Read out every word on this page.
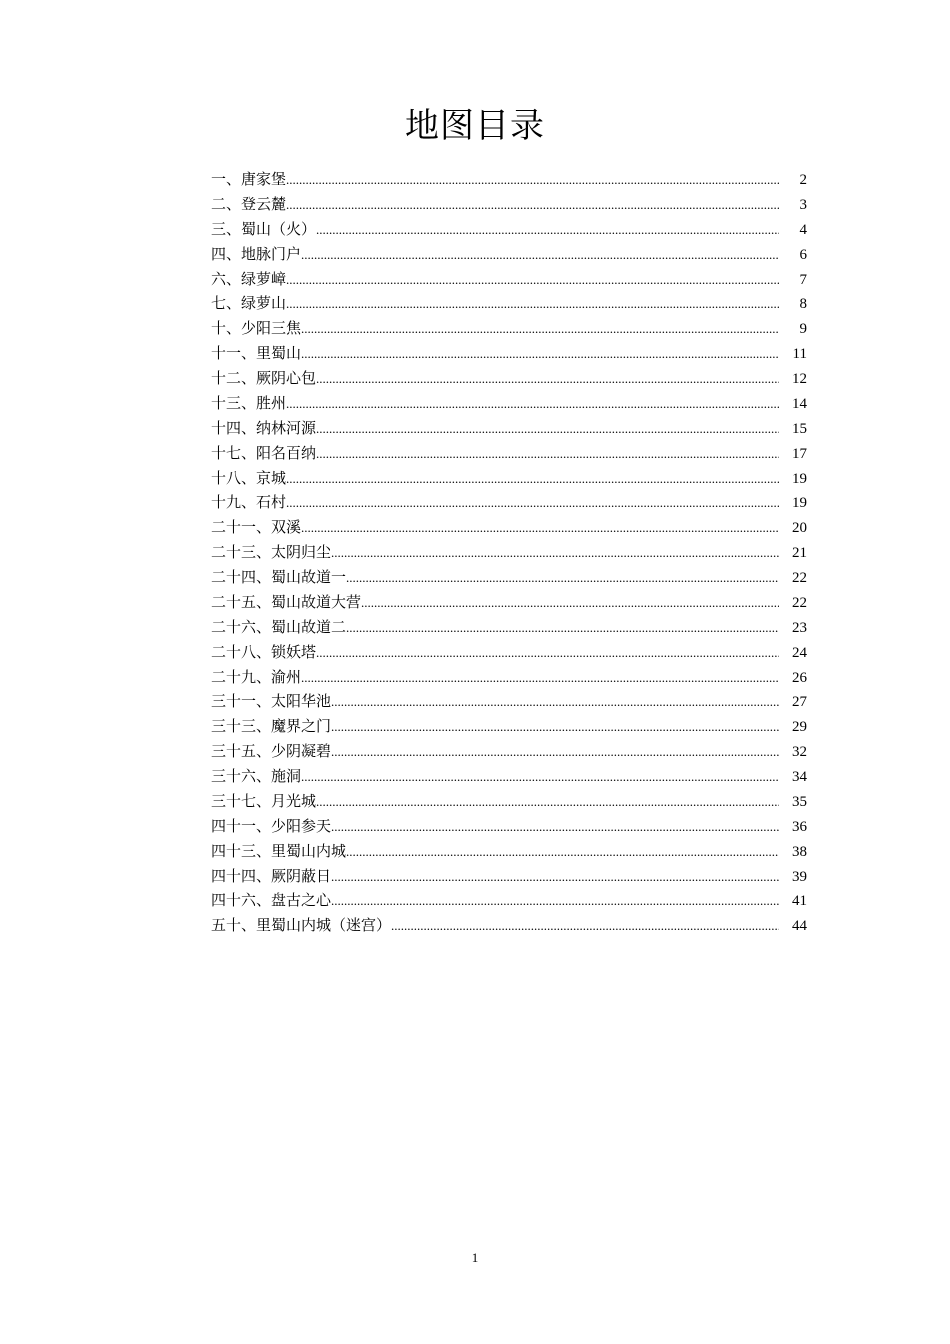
地图目录
一、唐家堡 .....	2
二、登云麓 .....	3
三、蜀山（火） .....	4
四、地脉门户 .....	6
六、绿萝嶂 .....	7
七、绿萝山 .....	8
十、少阳三焦 .....	9
十一、里蜀山 .....	11
十二、厥阴心包 .....	12
十三、胜州 .....	14
十四、纳林河源 .....	15
十七、阳名百纳 .....	17
十八、京城 .....	19
十九、石村 .....	19
二十一、双溪 .....	20
二十三、太阴归尘 .....	21
二十四、蜀山故道一 .....	22
二十五、蜀山故道大营 .....	22
二十六、蜀山故道二 .....	23
二十八、锁妖塔 .....	24
二十九、渝州 .....	26
三十一、太阳华池 .....	27
三十三、魔界之门 .....	29
三十五、少阴凝碧 .....	32
三十六、施洞 .....	34
三十七、月光城 .....	35
四十一、少阳参天 .....	36
四十三、里蜀山内城 .....	38
四十四、厥阴蔽日 .....	39
四十六、盘古之心 .....	41
五十、里蜀山内城（迷宫） .....	44
1
